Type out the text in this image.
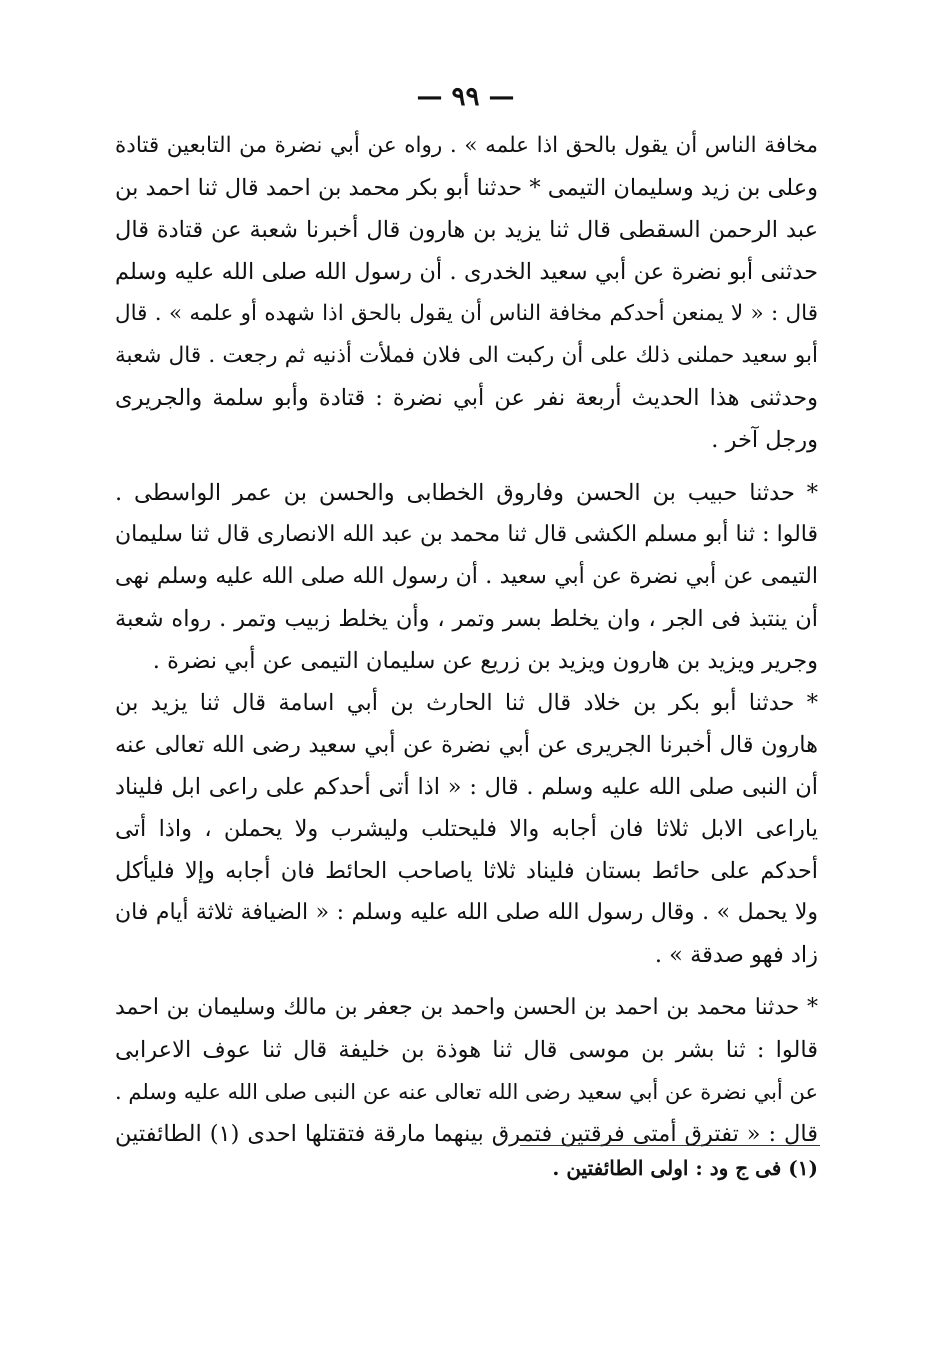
— ٩٩ —
مخافة الناس أن يقول بالحق اذا علمه » . رواه عن أبي نضرة من التابعين قتادة
وعلى بن زيد وسليمان التيمى * حدثنا أبو بكر محمد بن احمد قال ثنا احمد بن
عبد الرحمن السقطى قال ثنا يزيد بن هارون قال أخبرنا شعبة عن قتادة قال
حدثنى أبو نضرة عن أبي سعيد الخدرى . أن رسول الله صلى الله عليه وسلم
قال : « لا يمنعن أحدكم مخافة الناس أن يقول بالحق اذا شهده أو علمه » . قال
أبو سعيد حملنى ذلك على أن ركبت الى فلان فملأت أذنيه ثم رجعت . قال شعبة
وحدثنى هذا الحديث أربعة نفر عن أبي نضرة : قتادة وأبو سلمة والجريرى
ورجل آخر .
* حدثنا حبيب بن الحسن وفاروق الخطابى والحسن بن عمر الواسطى .
قالوا : ثنا أبو مسلم الكشى قال ثنا محمد بن عبد الله الانصارى قال ثنا سليمان
التيمى عن أبي نضرة عن أبي سعيد . أن رسول الله صلى الله عليه وسلم نهى
أن ينتبذ فى الجر ، وان يخلط بسر وتمر ، وأن يخلط زبيب وتمر . رواه شعبة
وجرير ويزيد بن هارون ويزيد بن زريع عن سليمان التيمى عن أبي نضرة .
* حدثنا أبو بكر بن خلاد قال ثنا الحارث بن أبي اسامة قال ثنا يزيد بن
هارون قال أخبرنا الجريرى عن أبي نضرة عن أبي سعيد رضى الله تعالى عنه
أن النبى صلى الله عليه وسلم . قال : « اذا أتى أحدكم على راعى ابل فليناد
ياراعى الابل ثلاثا فان أجابه والا فليحتلب وليشرب ولا يحملن ، واذا أتى
أحدكم على حائط بستان فليناد ثلاثا ياصاحب الحائط فان أجابه وإلا فليأكل
ولا يحمل » . وقال رسول الله صلى الله عليه وسلم : « الضيافة ثلاثة أيام فان
زاد فهو صدقة » .
* حدثنا محمد بن احمد بن الحسن واحمد بن جعفر بن مالك وسليمان بن احمد
قالوا : ثنا بشر بن موسى قال ثنا هوذة بن خليفة قال ثنا عوف الاعرابى
عن أبي نضرة عن أبي سعيد رضى الله تعالى عنه عن النبى صلى الله عليه وسلم .
قال : « تفترق أمتى فرقتين فتمرق بينهما مارقة فتقتلها احدى (١) الطائفتين
(١) فى ج ود : اولى الطائفتين .
